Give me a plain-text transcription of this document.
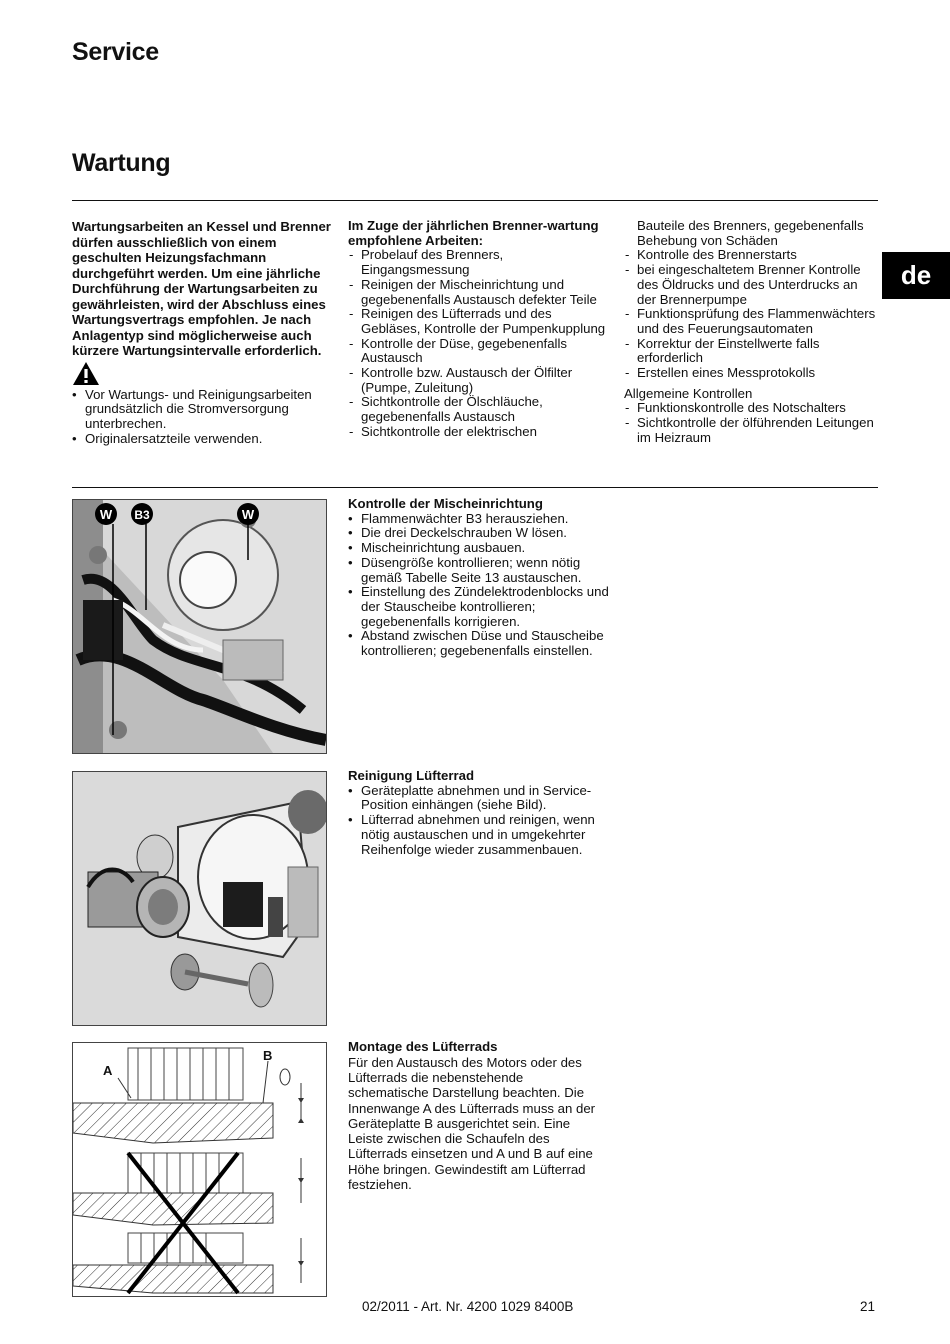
Service
Wartung
de
Wartungsarbeiten an Kessel und Brenner dürfen ausschließlich von einem geschulten Heizungsfachmann durchgeführt werden. Um eine jährliche Durchführung der Wartungsarbeiten zu gewährleisten, wird der Abschluss eines Wartungsvertrags empfohlen. Je nach Anlagentyp sind möglicherweise auch kürzere Wartungsintervalle erforderlich.
• Vor Wartungs- und Reinigungsarbeiten grundsätzlich die Stromversorgung unterbrechen.
• Originalersatzteile verwenden.
Im Zuge der jährlichen Brenner-wartung empfohlene Arbeiten:
- Probelauf des Brenners, Eingangsmessung
- Reinigen der Mischeinrichtung und gegebenenfalls Austausch defekter Teile
- Reinigen des Lüfterrads und des Gebläses, Kontrolle der Pumpenkupplung
- Kontrolle der Düse, gegebenenfalls Austausch
- Kontrolle bzw. Austausch der Ölfilter (Pumpe, Zuleitung)
- Sichtkontrolle der Ölschläuche, gegebenenfalls Austausch
- Sichtkontrolle der elektrischen
Bauteile des Brenners, gegebenenfalls Behebung von Schäden
- Kontrolle des Brennerstarts
- bei eingeschaltetem Brenner Kontrolle des Öldrucks und des Unterdrucks an der Brennerpumpe
- Funktionsprüfung des Flammenwächters und des Feuerungsautomaten
- Korrektur der Einstellwerte falls erforderlich
- Erstellen eines Messprotokolls
Allgemeine Kontrollen
- Funktionskontrolle des Notschalters
- Sichtkontrolle der ölführenden Leitungen im Heizraum
W B3	W
Kontrolle der Mischeinrichtung
• Flammenwächter B3 herausziehen.
• Die drei Deckelschrauben W lösen.
• Mischeinrichtung ausbauen.
• Düsengröße kontrollieren; wenn nötig gemäß Tabelle Seite 13 austauschen.
• Einstellung des Zündelektrodenblocks und der Stauscheibe kontrollieren; gegebenenfalls korrigieren.
• Abstand zwischen Düse und Stauscheibe kontrollieren; gegebenenfalls einstellen.
Reinigung Lüfterrad
• Geräteplatte abnehmen und in Service-Position einhängen (siehe Bild).
• Lüfterrad abnehmen und reinigen, wenn nötig austauschen und in umgekehrter Reihenfolge wieder zusammenbauen.
A
B
Montage des Lüfterrads
Für den Austausch des Motors oder des Lüfterrads die nebenstehende schematische Darstellung beachten. Die Innenwange A des Lüfterrads muss an der Geräteplatte B ausgerichtet sein. Eine Leiste zwischen die Schaufeln des Lüfterrads einsetzen und A und B auf eine Höhe bringen. Gewindestift am Lüfterrad festziehen.
02/2011 - Art. Nr. 4200 1029 8400B	21
